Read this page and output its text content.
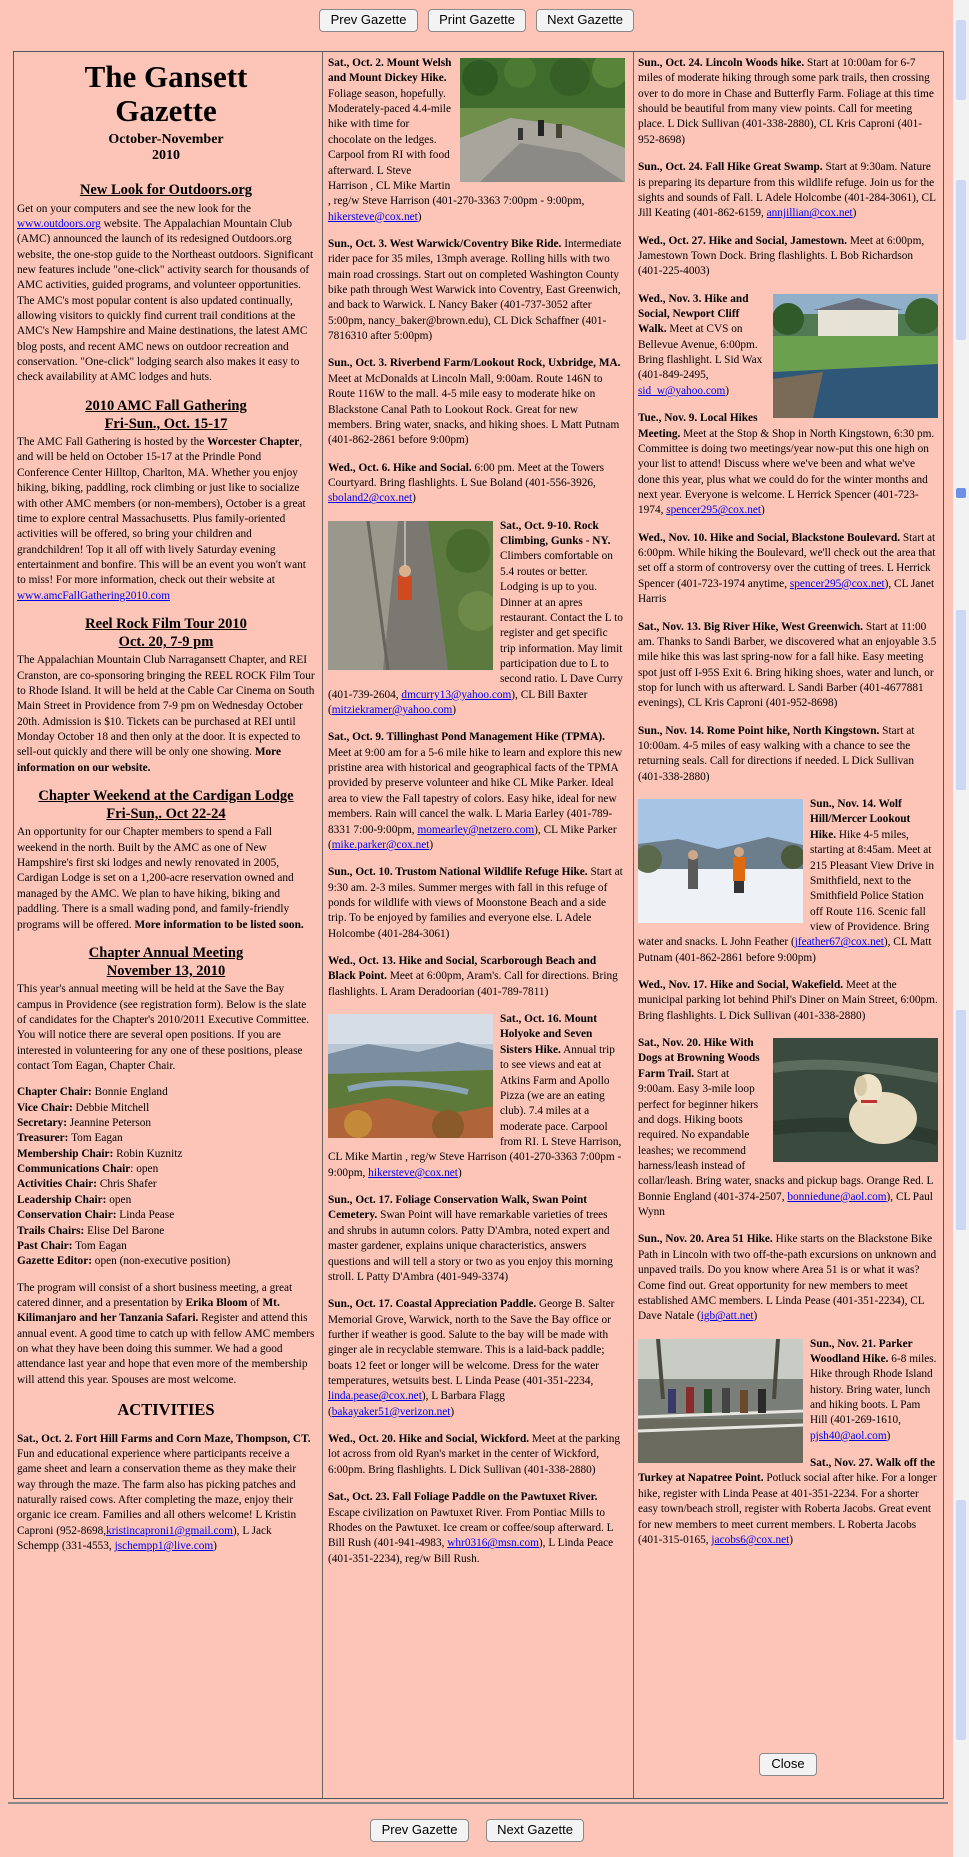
Prev Gazette	Print Gazette	Next Gazette
The Gansett
Gazette
October-November
2010
New Look for Outdoors.org

Get on your computers and see the new look for the www.outdoors.org website. The Appalachian Mountain Club (AMC) announced the launch of its redesigned Outdoors.org website, the one-stop guide to the Northeast outdoors. Significant new features include "one-click" activity search for thousands of AMC activities, guided programs, and volunteer opportunities. The AMC's most popular content is also updated continually, allowing visitors to quickly find current trail conditions at the AMC's New Hampshire and Maine destinations, the latest AMC blog posts, and recent AMC news on outdoor recreation and conservation. "One-click" lodging search also makes it easy to check availability at AMC lodges and huts.

2010 AMC Fall Gathering
Fri-Sun., Oct. 15-17

The AMC Fall Gathering is hosted by the Worcester Chapter, and will be held on October 15-17 at the Prindle Pond Conference Center Hilltop, Charlton, MA. Whether you enjoy hiking, biking, paddling, rock climbing or just like to socialize with other AMC members (or non-members), October is a great time to explore central Massachusetts. Plus family-oriented activities will be offered, so bring your children and grandchildren! Top it all off with lively Saturday evening entertainment and bonfire. This will be an event you won't want to miss! For more information, check out their website at www.amcFallGathering2010.com

Reel Rock Film Tour 2010
Oct. 20, 7-9 pm

The Appalachian Mountain Club Narragansett Chapter, and REI Cranston, are co-sponsoring bringing the REEL ROCK Film Tour to Rhode Island. It will be held at the Cable Car Cinema on South Main Street in Providence from 7-9 pm on Wednesday October 20th. Admission is $10. Tickets can be purchased at REI until Monday October 18 and then only at the door. It is expected to sell-out quickly and there will be only one showing. More information on our website.

Chapter Weekend at the Cardigan Lodge
Fri-Sun,. Oct 22-24

An opportunity for our Chapter members to spend a Fall weekend in the north. Built by the AMC as one of New Hampshire's first ski lodges and newly renovated in 2005, Cardigan Lodge is set on a 1,200-acre reservation owned and managed by the AMC. We plan to have hiking, biking and paddling. There is a small wading pond, and family-friendly programs will be offered. More information to be listed soon.

Chapter Annual Meeting
November 13, 2010

This year's annual meeting will be held at the Save the Bay campus in Providence (see registration form). Below is the slate of candidates for the Chapter's 2010/2011 Executive Committee. You will notice there are several open positions. If you are interested in volunteering for any one of these positions, please contact Tom Eagan, Chapter Chair.

Chapter Chair: Bonnie England
Vice Chair: Debbie Mitchell
Secretary: Jeannine Peterson
Treasurer: Tom Eagan
Membership Chair: Robin Kuznitz
Communications Chair: open
Activities Chair: Chris Shafer
Leadership Chair: open
Conservation Chair: Linda Pease
Trails Chairs: Elise Del Barone
Past Chair: Tom Eagan
Gazette Editor: open (non-executive position)

The program will consist of a short business meeting, a great catered dinner, and a presentation by Erika Bloom of Mt. Kilimanjaro and her Tanzania Safari. Register and attend this annual event. A good time to catch up with fellow AMC members on what they have been doing this summer. We had a good attendance last year and hope that even more of the membership will attend this year. Spouses are most welcome.

ACTIVITIES
Sat., Oct. 2. Fort Hill Farms and Corn Maze, Thompson, CT. Fun and educational experience where participants receive a game sheet and learn a conservation theme as they make their way through the maze. The farm also has picking patches and naturally raised cows. After completing the maze, enjoy their organic ice cream. Families and all others welcome! L Kristin Caproni (952-8698,kristincaproni1@gmail.com), L Jack Schempp (331-4553, jschempp1@live.com)
Sat., Oct. 2. Mount Welsh and Mount Dickey Hike. Foliage season, hopefully. Moderately-paced 4.4-mile hike with time for chocolate on the ledges. Carpool from RI with food afterward. L Steve Harrison , CL Mike Martin , reg/w Steve Harrison (401-270-3363 7:00pm - 9:00pm, hikersteve@cox.net)
Sun., Oct. 3. West Warwick/Coventry Bike Ride. Intermediate rider pace for 35 miles, 13mph average. Rolling hills with two main road crossings. Start out on completed Washington County bike path through West Warwick into Coventry, East Greenwich, and back to Warwick. L Nancy Baker (401-737-3052 after 5:00pm, nancy_baker@brown.edu), CL Dick Schaffner (401-7816310 after 5:00pm)
Sun., Oct. 3. Riverbend Farm/Lookout Rock, Uxbridge, MA. Meet at McDonalds at Lincoln Mall, 9:00am. Route 146N to Route 116W to the mall. 4-5 mile easy to moderate hike on Blackstone Canal Path to Lookout Rock. Great for new members. Bring water, snacks, and hiking shoes. L Matt Putnam (401-862-2861 before 9:00pm)
Wed., Oct. 6. Hike and Social. 6:00 pm. Meet at the Towers Courtyard. Bring flashlights. L Sue Boland (401-556-3926, sboland2@cox.net)
Sat., Oct. 9-10. Rock Climbing, Gunks - NY. Climbers comfortable on 5.4 routes or better. Lodging is up to you. Dinner at an apres restaurant. Contact the L to register and get specific trip information. May limit participation due to L to second ratio. L Dave Curry (401-739-2604, dmcurry13@yahoo.com), CL Bill Baxter (mitziekramer@yahoo.com)
Sat., Oct. 9. Tillinghast Pond Management Hike (TPMA). Meet at 9:00 am for a 5-6 mile hike to learn and explore this new pristine area with historical and geographical facts of the TPMA provided by preserve volunteer and hike CL Mike Parker. Ideal area to view the Fall tapestry of colors. Easy hike, ideal for new members. Rain will cancel the walk. L Maria Earley (401-789-8331 7:00-9:00pm, momearley@netzero.com), CL Mike Parker (mike.parker@cox.net)
Sun., Oct. 10. Trustom National Wildlife Refuge Hike. Start at 9:30 am. 2-3 miles. Summer merges with fall in this refuge of ponds for wildlife with views of Moonstone Beach and a side trip. To be enjoyed by families and everyone else. L Adele Holcombe (401-284-3061)
Wed., Oct. 13. Hike and Social, Scarborough Beach and Black Point. Meet at 6:00pm, Aram's. Call for directions. Bring flashlights. L Aram Deradoorian (401-789-7811)
Sat., Oct. 16. Mount Holyoke and Seven Sisters Hike. Annual trip to see views and eat at Atkins Farm and Apollo Pizza (we are an eating club). 7.4 miles at a moderate pace. Carpool from RI. L Steve Harrison, CL Mike Martin , reg/w Steve Harrison (401-270-3363 7:00pm - 9:00pm, hikersteve@cox.net)
Sun., Oct. 17. Foliage Conservation Walk, Swan Point Cemetery. Swan Point will have remarkable varieties of trees and shrubs in autumn colors. Patty D'Ambra, noted expert and master gardener, explains unique characteristics, answers questions and will tell a story or two as you enjoy this morning stroll. L Patty D'Ambra (401-949-3374)
Sun., Oct. 17. Coastal Appreciation Paddle. George B. Salter Memorial Grove, Warwick, north to the Save the Bay office or further if weather is good. Salute to the bay will be made with ginger ale in recyclable stemware. This is a laid-back paddle; boats 12 feet or longer will be welcome. Dress for the water temperatures, wetsuits best. L Linda Pease (401-351-2234, linda.pease@cox.net), L Barbara Flagg (bakayaker51@verizon.net)
Wed., Oct. 20. Hike and Social, Wickford. Meet at the parking lot across from old Ryan's market in the center of Wickford, 6:00pm. Bring flashlights. L Dick Sullivan (401-338-2880)
Sat., Oct. 23. Fall Foliage Paddle on the Pawtuxet River. Escape civilization on Pawtuxet River. From Pontiac Mills to Rhodes on the Pawtuxet. Ice cream or coffee/soup afterward. L Bill Rush (401-941-4983, whr0316@msn.com), L Linda Peace (401-351-2234), reg/w Bill Rush.
Sun., Oct. 24. Lincoln Woods hike. Start at 10:00am for 6-7 miles of moderate hiking through some park trails, then crossing over to do more in Chase and Butterfly Farm. Foliage at this time should be beautiful from many view points. Call for meeting place. L Dick Sullivan (401-338-2880), CL Kris Caproni (401-952-8698)
Sun., Oct. 24. Fall Hike Great Swamp. Start at 9:30am. Nature is preparing its departure from this wildlife refuge. Join us for the sights and sounds of Fall. L Adele Holcombe (401-284-3061), CL Jill Keating (401-862-6159, annjillian@cox.net)
Wed., Oct. 27. Hike and Social, Jamestown. Meet at 6:00pm, Jamestown Town Dock. Bring flashlights. L Bob Richardson (401-225-4003)
Wed., Nov. 3. Hike and Social, Newport Cliff Walk. Meet at CVS on Bellevue Avenue, 6:00pm. Bring flashlight. L Sid Wax (401-849-2495, sid_w@yahoo.com)
Tue., Nov. 9. Local Hikes Meeting. Meet at the Stop & Shop in North Kingstown, 6:30 pm. Committee is doing two meetings/year now-put this one high on your list to attend! Discuss where we've been and what we've done this year, plus what we could do for the winter months and next year. Everyone is welcome. L Herrick Spencer (401-723-1974, spencer295@cox.net)
Wed., Nov. 10. Hike and Social, Blackstone Boulevard. Start at 6:00pm. While hiking the Boulevard, we'll check out the area that set off a storm of controversy over the cutting of trees. L Herrick Spencer (401-723-1974 anytime, spencer295@cox.net), CL Janet Harris
Sat., Nov. 13. Big River Hike, West Greenwich. Start at 11:00 am. Thanks to Sandi Barber, we discovered what an enjoyable 3.5 mile hike this was last spring-now for a fall hike. Easy meeting spot just off I-95S Exit 6. Bring hiking shoes, water and lunch, or stop for lunch with us afterward. L Sandi Barber (401-4677881 evenings), CL Kris Caproni (401-952-8698)
Sun., Nov. 14. Rome Point hike, North Kingstown. Start at 10:00am. 4-5 miles of easy walking with a chance to see the returning seals. Call for directions if needed. L Dick Sullivan (401-338-2880)
Sun., Nov. 14. Wolf Hill/Mercer Lookout Hike. Hike 4-5 miles, starting at 8:45am. Meet at 215 Pleasant View Drive in Smithfield, next to the Smithfield Police Station off Route 116. Scenic fall view of Providence. Bring water and snacks. L John Feather (jfeather67@cox.net), CL Matt Putnam (401-862-2861 before 9:00pm)
Wed., Nov. 17. Hike and Social, Wakefield. Meet at the municipal parking lot behind Phil's Diner on Main Street, 6:00pm. Bring flashlights. L Dick Sullivan (401-338-2880)
Sat., Nov. 20. Hike With Dogs at Browning Woods Farm Trail. Start at 9:00am. Easy 3-mile loop perfect for beginner hikers and dogs. Hiking boots required. No expandable leashes; we recommend harness/leash instead of collar/leash. Bring water, snacks and pickup bags. Orange Red. L Bonnie England (401-374-2507, bonniedune@aol.com), CL Paul Wynn
Sun., Nov. 20. Area 51 Hike. Hike starts on the Blackstone Bike Path in Lincoln with two off-the-path excursions on unknown and unpaved trails. Do you know where Area 51 is or what it was? Come find out. Great opportunity for new members to meet established AMC members. L Linda Pease (401-351-2234), CL Dave Natale (igb@att.net)
Sun., Nov. 21. Parker Woodland Hike. 6-8 miles. Hike through Rhode Island history. Bring water, lunch and hiking boots. L Pam Hill (401-269-1610, pjsh40@aol.com)
Sat., Nov. 27. Walk off the Turkey at Napatree Point. Potluck social after hike. For a longer hike, register with Linda Pease at 401-351-2234. For a shorter easy town/beach stroll, register with Roberta Jacobs. Great event for new members to meet current members. L Roberta Jacobs (401-315-0165, jacobs6@cox.net)
Close
Prev Gazette	Next Gazette
